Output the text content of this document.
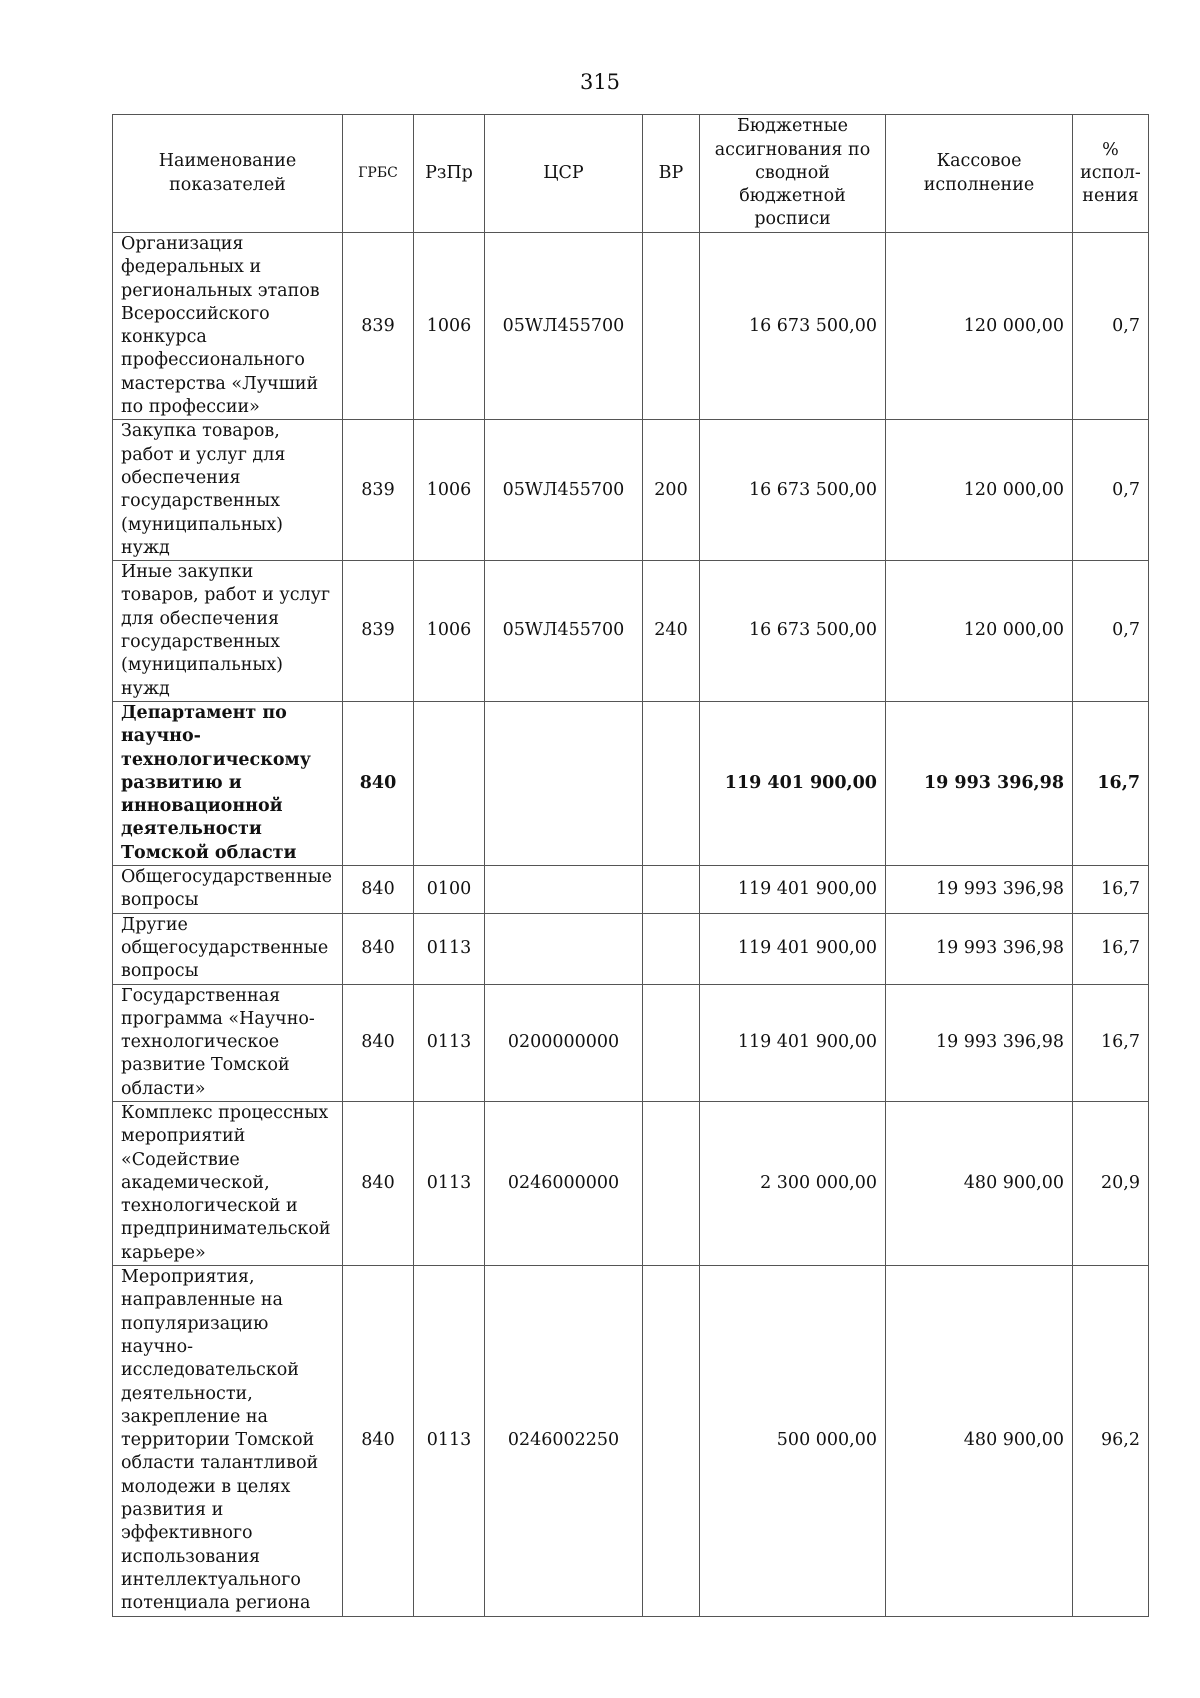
315
Наименование показателей	ГРБС	РзПр	ЦСР	ВР	Бюджетные ассигнования по сводной бюджетной росписи	Кассовое исполнение	% испол-нения
Организация федеральных и региональных этапов Всероссийского конкурса профессионального мастерства «Лучший по профессии»	839	1006	05WЛ455700		16 673 500,00	120 000,00	0,7
Закупка товаров, работ и услуг для обеспечения государственных (муниципальных) нужд	839	1006	05WЛ455700	200	16 673 500,00	120 000,00	0,7
Иные закупки товаров, работ и услуг для обеспечения государственных (муниципальных) нужд	839	1006	05WЛ455700	240	16 673 500,00	120 000,00	0,7
Департамент по научно-технологическому развитию и инновационной деятельности Томской области	840				119 401 900,00	19 993 396,98	16,7
Общегосударственные вопросы	840	0100			119 401 900,00	19 993 396,98	16,7
Другие общегосударственные вопросы	840	0113			119 401 900,00	19 993 396,98	16,7
Государственная программа «Научно-технологическое развитие Томской области»	840	0113	0200000000		119 401 900,00	19 993 396,98	16,7
Комплекс процессных мероприятий «Содействие академической, технологической и предпринимательской карьере»	840	0113	0246000000		2 300 000,00	480 900,00	20,9
Мероприятия, направленные на популяризацию научно-исследовательской деятельности, закрепление на территории Томской области талантливой молодежи в целях развития и эффективного использования интеллектуального потенциала региона	840	0113	0246002250		500 000,00	480 900,00	96,2
